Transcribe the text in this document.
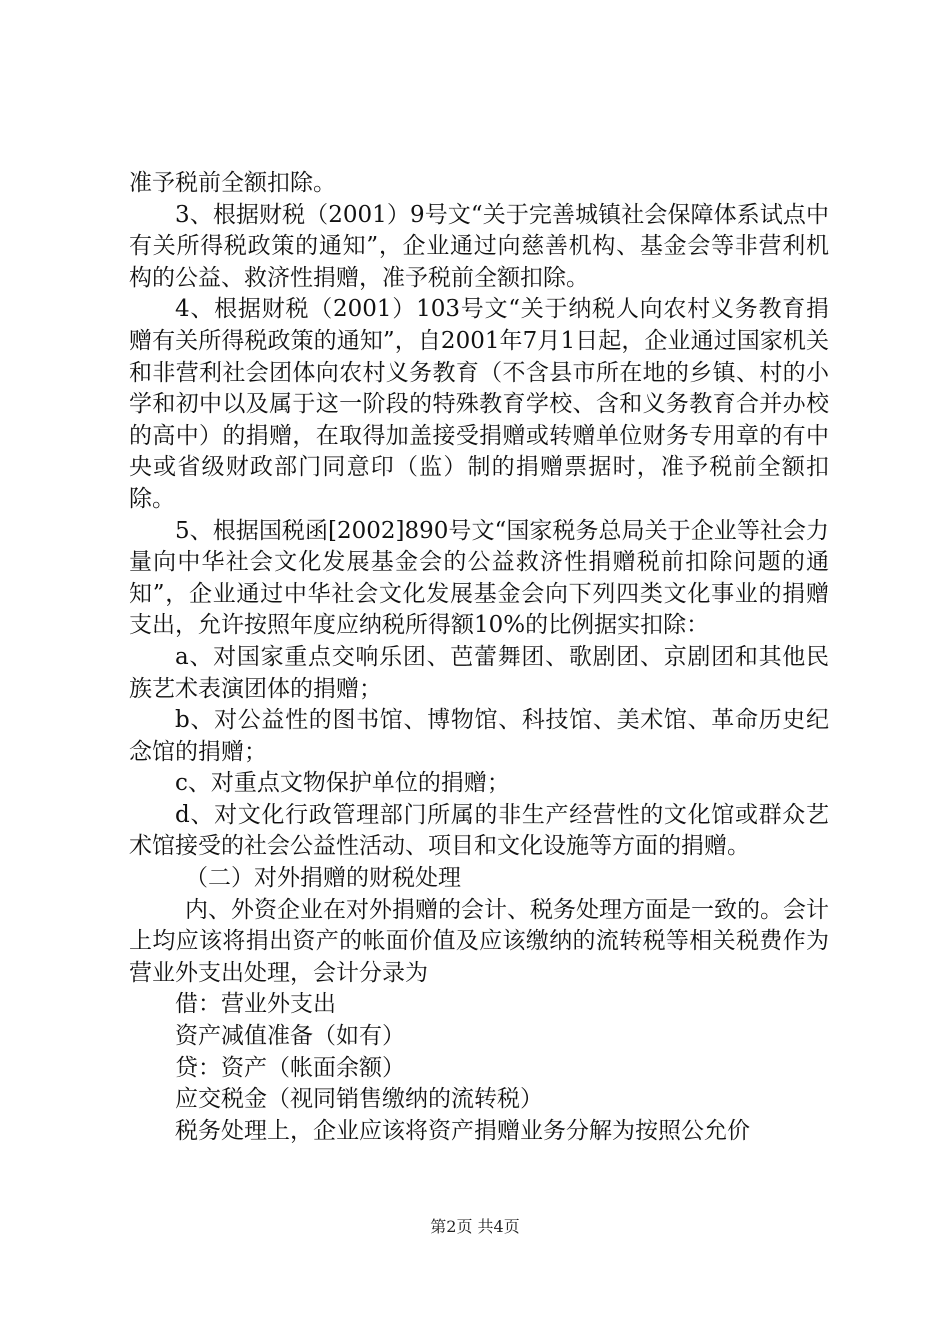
准予税前全额扣除。

3、根据财税（2001）9号文“关于完善城镇社会保障体系试点中有关所得税政策的通知”，企业通过向慈善机构、基金会等非营利机构的公益、救济性捐赠，准予税前全额扣除。

4、根据财税（2001）103号文“关于纳税人向农村义务教育捐赠有关所得税政策的通知”，自2001年7月1日起，企业通过国家机关和非营利社会团体向农村义务教育（不含县市所在地的乡镇、村的小学和初中以及属于这一阶段的特殊教育学校、含和义务教育合并办校的高中）的捐赠，在取得加盖接受捐赠或转赠单位财务专用章的有中央或省级财政部门同意印（监）制的捐赠票据时，准予税前全额扣除。

5、根据国税函[2002]890号文“国家税务总局关于企业等社会力量向中华社会文化发展基金会的公益救济性捐赠税前扣除问题的通知”，企业通过中华社会文化发展基金会向下列四类文化事业的捐赠支出，允许按照年度应纳税所得额10%的比例据实扣除：

a、对国家重点交响乐团、芭蕾舞团、歌剧团、京剧团和其他民族艺术表演团体的捐赠；

b、对公益性的图书馆、博物馆、科技馆、美术馆、革命历史纪念馆的捐赠；

c、对重点文物保护单位的捐赠；

d、对文化行政管理部门所属的非生产经营性的文化馆或群众艺术馆接受的社会公益性活动、项目和文化设施等方面的捐赠。

（二）对外捐赠的财税处理

内、外资企业在对外捐赠的会计、税务处理方面是一致的。会计上均应该将捐出资产的帐面价值及应该缴纳的流转税等相关税费作为营业外支出处理，会计分录为

借：营业外支出

资产减值准备（如有）

贷：资产（帐面余额）

应交税金（视同销售缴纳的流转税）

税务处理上，企业应该将资产捐赠业务分解为按照公允价

第2页 共4页
